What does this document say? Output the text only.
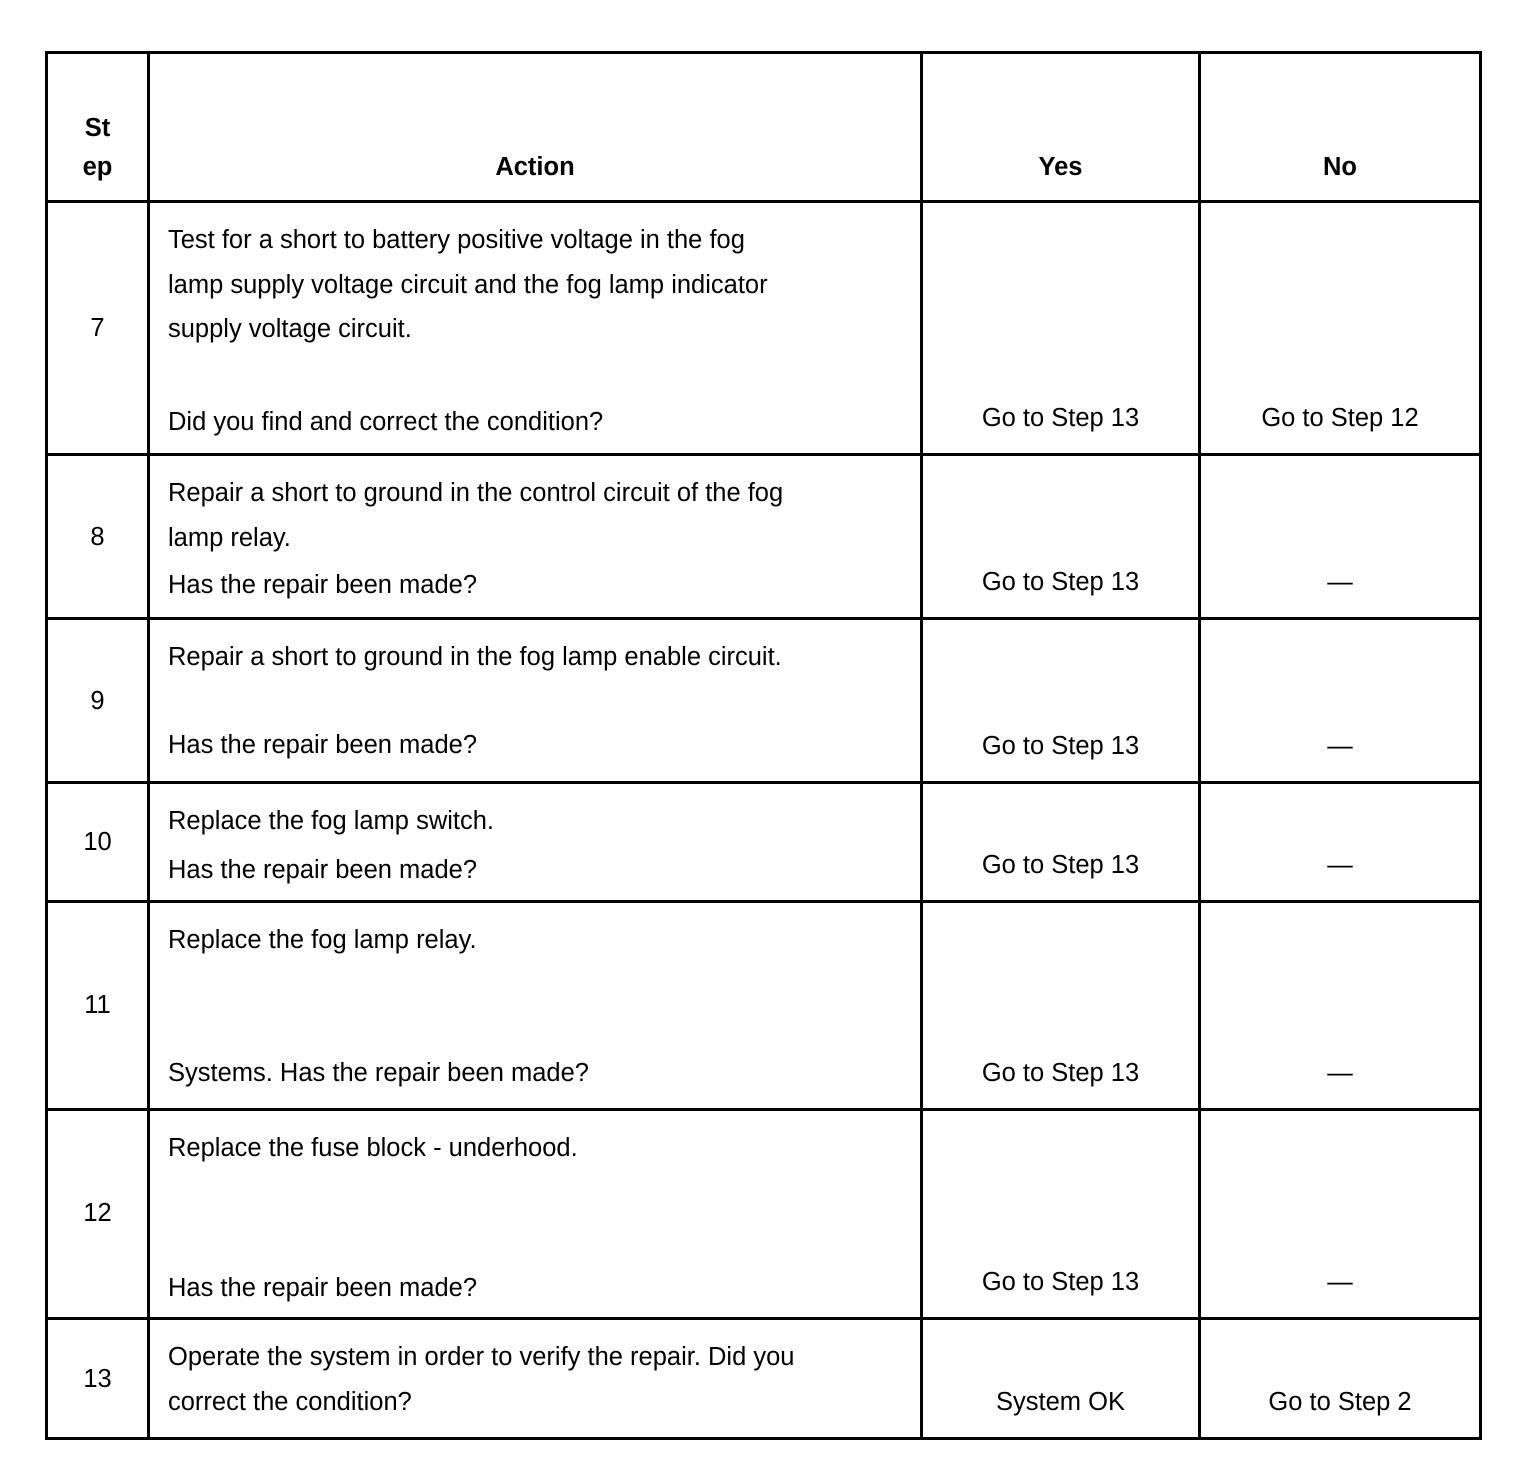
St
ep	Action	Yes	No
7
Test for a short to battery positive voltage in the fog
lamp supply voltage circuit and the fog lamp indicator
supply voltage circuit.
Did you find and correct the condition?	Go to Step 13	Go to Step 12
8
Repair a short to ground in the control circuit of the fog
lamp relay.
Has the repair been made?	Go to Step 13	—
9
Repair a short to ground in the fog lamp enable circuit.
Has the repair been made?	Go to Step 13	—
10
Replace the fog lamp switch.
Has the repair been made?	Go to Step 13	—
11
Replace the fog lamp relay.
Systems. Has the repair been made?	Go to Step 13	—
12
Replace the fuse block - underhood.
Has the repair been made?	Go to Step 13	—
13
Operate the system in order to verify the repair. Did you
correct the condition?	System OK	Go to Step 2
